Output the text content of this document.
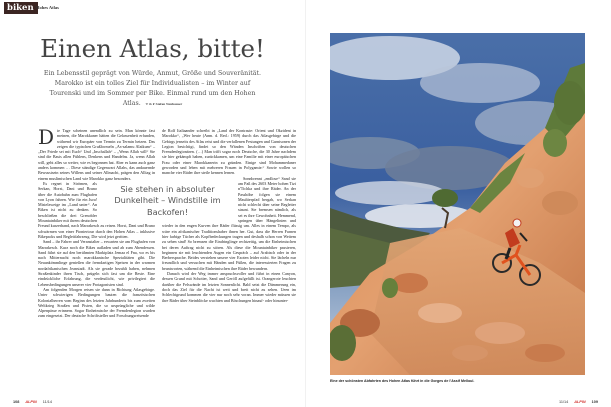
biken Hohes Atlas
Einen Atlas, bitte!
Ein Lebensstil geprägt von Würde, Anmut, Größe und Souveränität. Marokko ist ein tolles Ziel für Individualisten – im Winter auf Tourenski und im Sommer per Bike. Einmal rund um den Hohen Atlas. T & F Stefan Neuhauser
D ie Tage scheinen unendlich zu sein. Man könnte fast meinen, die Marokkaner hätten die Gelassenheit erfunden, während wir Europäer von Termin zu Termin hetzen. Das zeigen die typischen Grußformeln „As-salamu Alaikum“ – „Der Friede sei mit Euch“ Und „Inschallah“ – „Wenn Allah will“ Sie sind die Basis allen Fühlens, Denkens und Handelns. Ja, wenn Allah will, geht alles so weiter, wie es begonnen hat. Aber es kann auch ganz anders kommen … Diese ständige Gegenwart Allahs, das andauernde Bewusstsein seines Willens und seiner Allmacht, prägen den Alltag in einem muslimischen Land wie Marokko ganz besonders.

Es regnet in Strömen, als Serkan, Horst, Dani und Bruno über die Autobahn zum Flughafen von Lyon fahren. Wie für ein Jura! Mistelzweige im „Land unter“. An Biken ist nicht zu denken. So beschließen die drei Grenobler Mountainbiker mit ihrem deutschen Freund kurzerhand, nach Marrakesch zu reisen. Horst, Dani und Bruno schwärmen von einer Pioniertour durch den Hohen Atlas – inklusive Bikepacks und Begleitfahrzeug. Die wird jetzt geritten.

Sand – ihr Fahrer und Veranstalter – erwarten sie am Flughafen von Marrakesch. Kurz noch die Bikes aufladen und ab zum Abendessen. Sand führt sie auf den berühmten Marktplatz Jemaa el Fna, wo es bis nach Mitternacht noch marokkanische Spezialitäten gibt. Die Neuankömmlinge genießen die fremdartigen Speisen in der warmen nordafrikanischen Jeanstadt. Als sie gerade bezahlt haben, nehmen Straßenkinder ihren Tisch, prügeln sich fast um die Reste. Eine eindrückliche Erfahrung, die verdeutlicht, wie privilegiert die Lebensbedingungen unserer vier Protagonisten sind.

Am folgenden Morgen reisen sie dann in Richtung Atlasgebirge. Unter schwierigen Bedingungen bauten die französischen Kolonialherren vom Beginn des letzten Jahrhunderts bis zum zweiten Weltkrieg Straßen und Pisten, die so ursprüngliche und wilde Alpenpässe erinnern. Sogar Einheimische der Fremdenlegion wurden zum eingesetzt. Der deutsche Schriftsteller und Forschungsreisende

de Rolf Italiaander schreibt in „Land der Kontraste: Orient und Okzident in Marokko“, „Wer heute (Anm. d. Red.: 1959) durch das Atlasgebirge und die Gebirgs jenseits des Atlas reist und die verfallenen Festungen und Garnisonen der Legion besichtigt, findet so den Wänden Inschriften von deutschen Fremdenlegionären. (…) Man trifft sogar noch Deutsche, die 30 Jahre nachdem sie hier gekämpft haben, zurückkamen, um eine Familie mit einer europäischen Frau oder einer Marokkanerin zu gründen. Einige sind Mohammedaner geworden und leben mit mehreren Frauen in Polygamie.“ Sowie wollen so manche vier Räder ihre steile kennen lernen.

Sonnbrennt „endlose“ Sand sie am Paß des 2603 Meter hohen Tizi n'Tichka und ihre Räder. An der Passhöhe folgen sie einem Maultierpfad bergab, wo Serkan nicht schlecht über seine Begleiter staunt. Sie bremsen nämlich, als sei es ihre Gewohnheit. Hemmend, springen über Hängelinien und wieder in den engen Kurven ihre Räder flüssig um. Alles in einem Tempo, als wäre ein afrikanischer Traditionshaber ihnen her. Gut, dass die Herren Farnen hier farbige Tücher als Kopfbedeckungen tragen und deshalb schon von Weitem zu sehen sind! So bremsen die Eindringlinge rechtzeitig, um die Einheimischen bei deren Auftrag nicht zu stören. Als diese die Mountainbiker passieren, beginnen sie mit leuchtenden Augen ein Gespräch – auf Arabisch oder in der Berbersprache. Beides verstehen unsere vier Exoten leider nicht. Sie lächeln nur freundlich und versuchen mit Händen und Füßen, die interessierten Fragen zu beantworten, während die Einheimischen ihre Räder bewundern.

Danach wird der Weg immer anspruchsvoller und führt in einen Canyon, dessen Grund mit Schotter, Sand und Geröll aufgefüllt ist. Orangerote leuchten darüber die Felswände im letzten Sonnenlicht. Bald setzt die Dämmerung ein, doch das Ziel für die Nacht ist weit und breit nicht zu sehen. Ueen im Schlechtgrund kommen die vier nur noch sehr voran. Immer wieder müssen sie ihre Räder über Steinblöcke wuchten und Böschungen hinauf- oder hinunter-

Sie stehen in absoluter Dunkelheit – Windstille im Backofen!
Eine der schönsten Abfahrten des Hohen Atlas führt in die Gorges de l'Assif Melloul.
108 ALPIN 11/14	11/14 ALPIN 109
